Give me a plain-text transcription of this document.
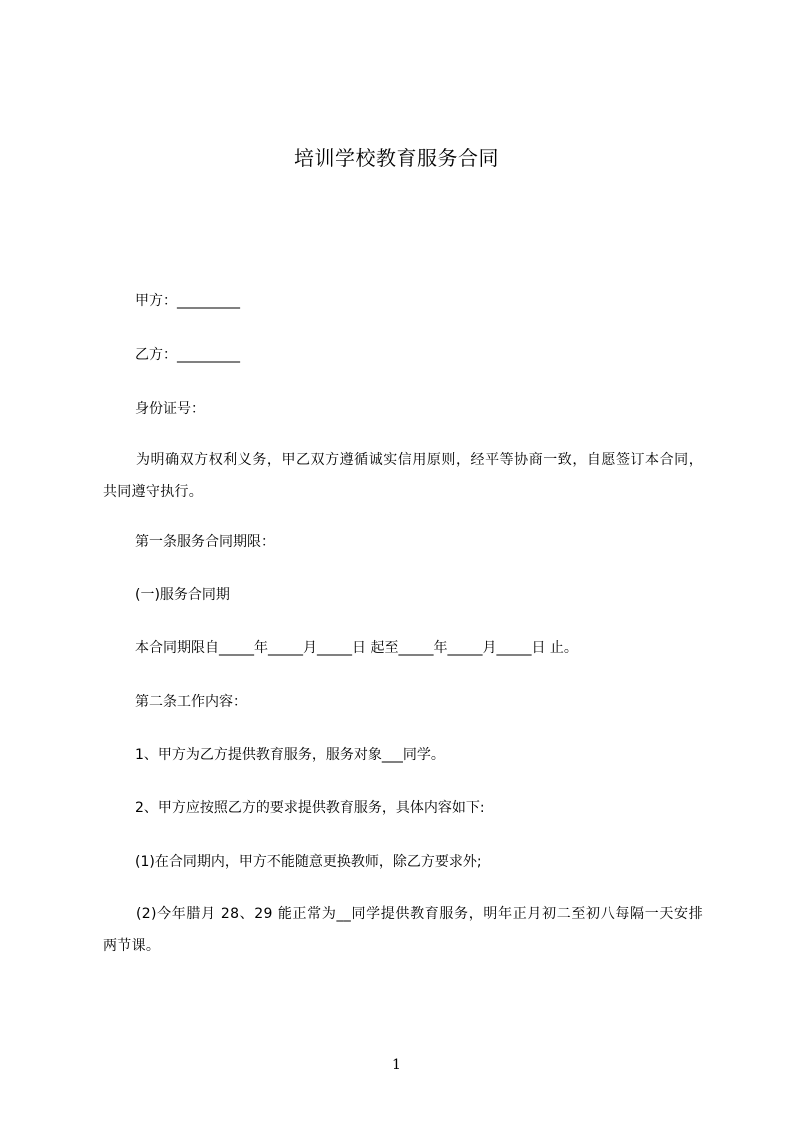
培训学校教育服务合同
甲方：_________
乙方：_________
身份证号：
为明确双方权利义务，甲乙双方遵循诚实信用原则，经平等协商一致，自愿签订本合同，共同遵守执行。
第一条服务合同期限：
(一)服务合同期
本合同期限自_____年_____月_____日 起至_____年_____月_____日 止。
第二条工作内容：
1、甲方为乙方提供教育服务，服务对象___同学。
2、甲方应按照乙方的要求提供教育服务，具体内容如下:
(1)在合同期内，甲方不能随意更换教师，除乙方要求外;
(2)今年腊月 28、29 能正常为__同学提供教育服务，明年正月初二至初八每隔一天安排两节课。
1
